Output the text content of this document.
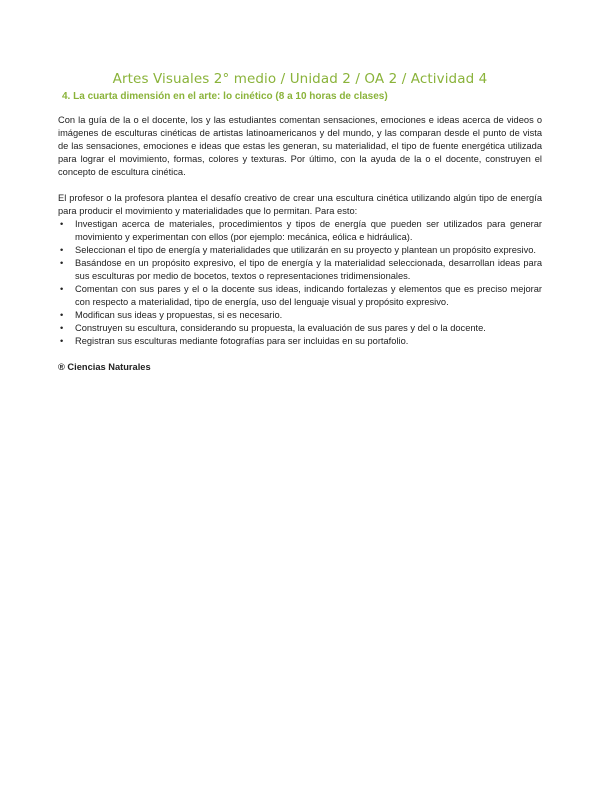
Artes Visuales 2° medio / Unidad 2 / OA 2 / Actividad 4
4. La cuarta dimensión en el arte: lo cinético (8 a 10 horas de clases)

Con la guía de la o el docente, los y las estudiantes comentan sensaciones, emociones e ideas acerca de videos o imágenes de esculturas cinéticas de artistas latinoamericanos y del mundo, y las comparan desde el punto de vista de las sensaciones, emociones e ideas que estas les generan, su materialidad, el tipo de fuente energética utilizada para lograr el movimiento, formas, colores y texturas. Por último, con la ayuda de la o el docente, construyen el concepto de escultura cinética.

El profesor o la profesora plantea el desafío creativo de crear una escultura cinética utilizando algún tipo de energía para producir el movimiento y materialidades que lo permitan. Para esto:

• Investigan acerca de materiales, procedimientos y tipos de energía que pueden ser utilizados para generar movimiento y experimentan con ellos (por ejemplo: mecánica, eólica e hidráulica).
• Seleccionan el tipo de energía y materialidades que utilizarán en su proyecto y plantean un propósito expresivo.
• Basándose en un propósito expresivo, el tipo de energía y la materialidad seleccionada, desarrollan ideas para sus esculturas por medio de bocetos, textos o representaciones tridimensionales.
• Comentan con sus pares y el o la docente sus ideas, indicando fortalezas y elementos que es preciso mejorar con respecto a materialidad, tipo de energía, uso del lenguaje visual y propósito expresivo.
• Modifican sus ideas y propuestas, si es necesario.
• Construyen su escultura, considerando su propuesta, la evaluación de sus pares y del o la docente.
• Registran sus esculturas mediante fotografías para ser incluidas en su portafolio.
® Ciencias Naturales
